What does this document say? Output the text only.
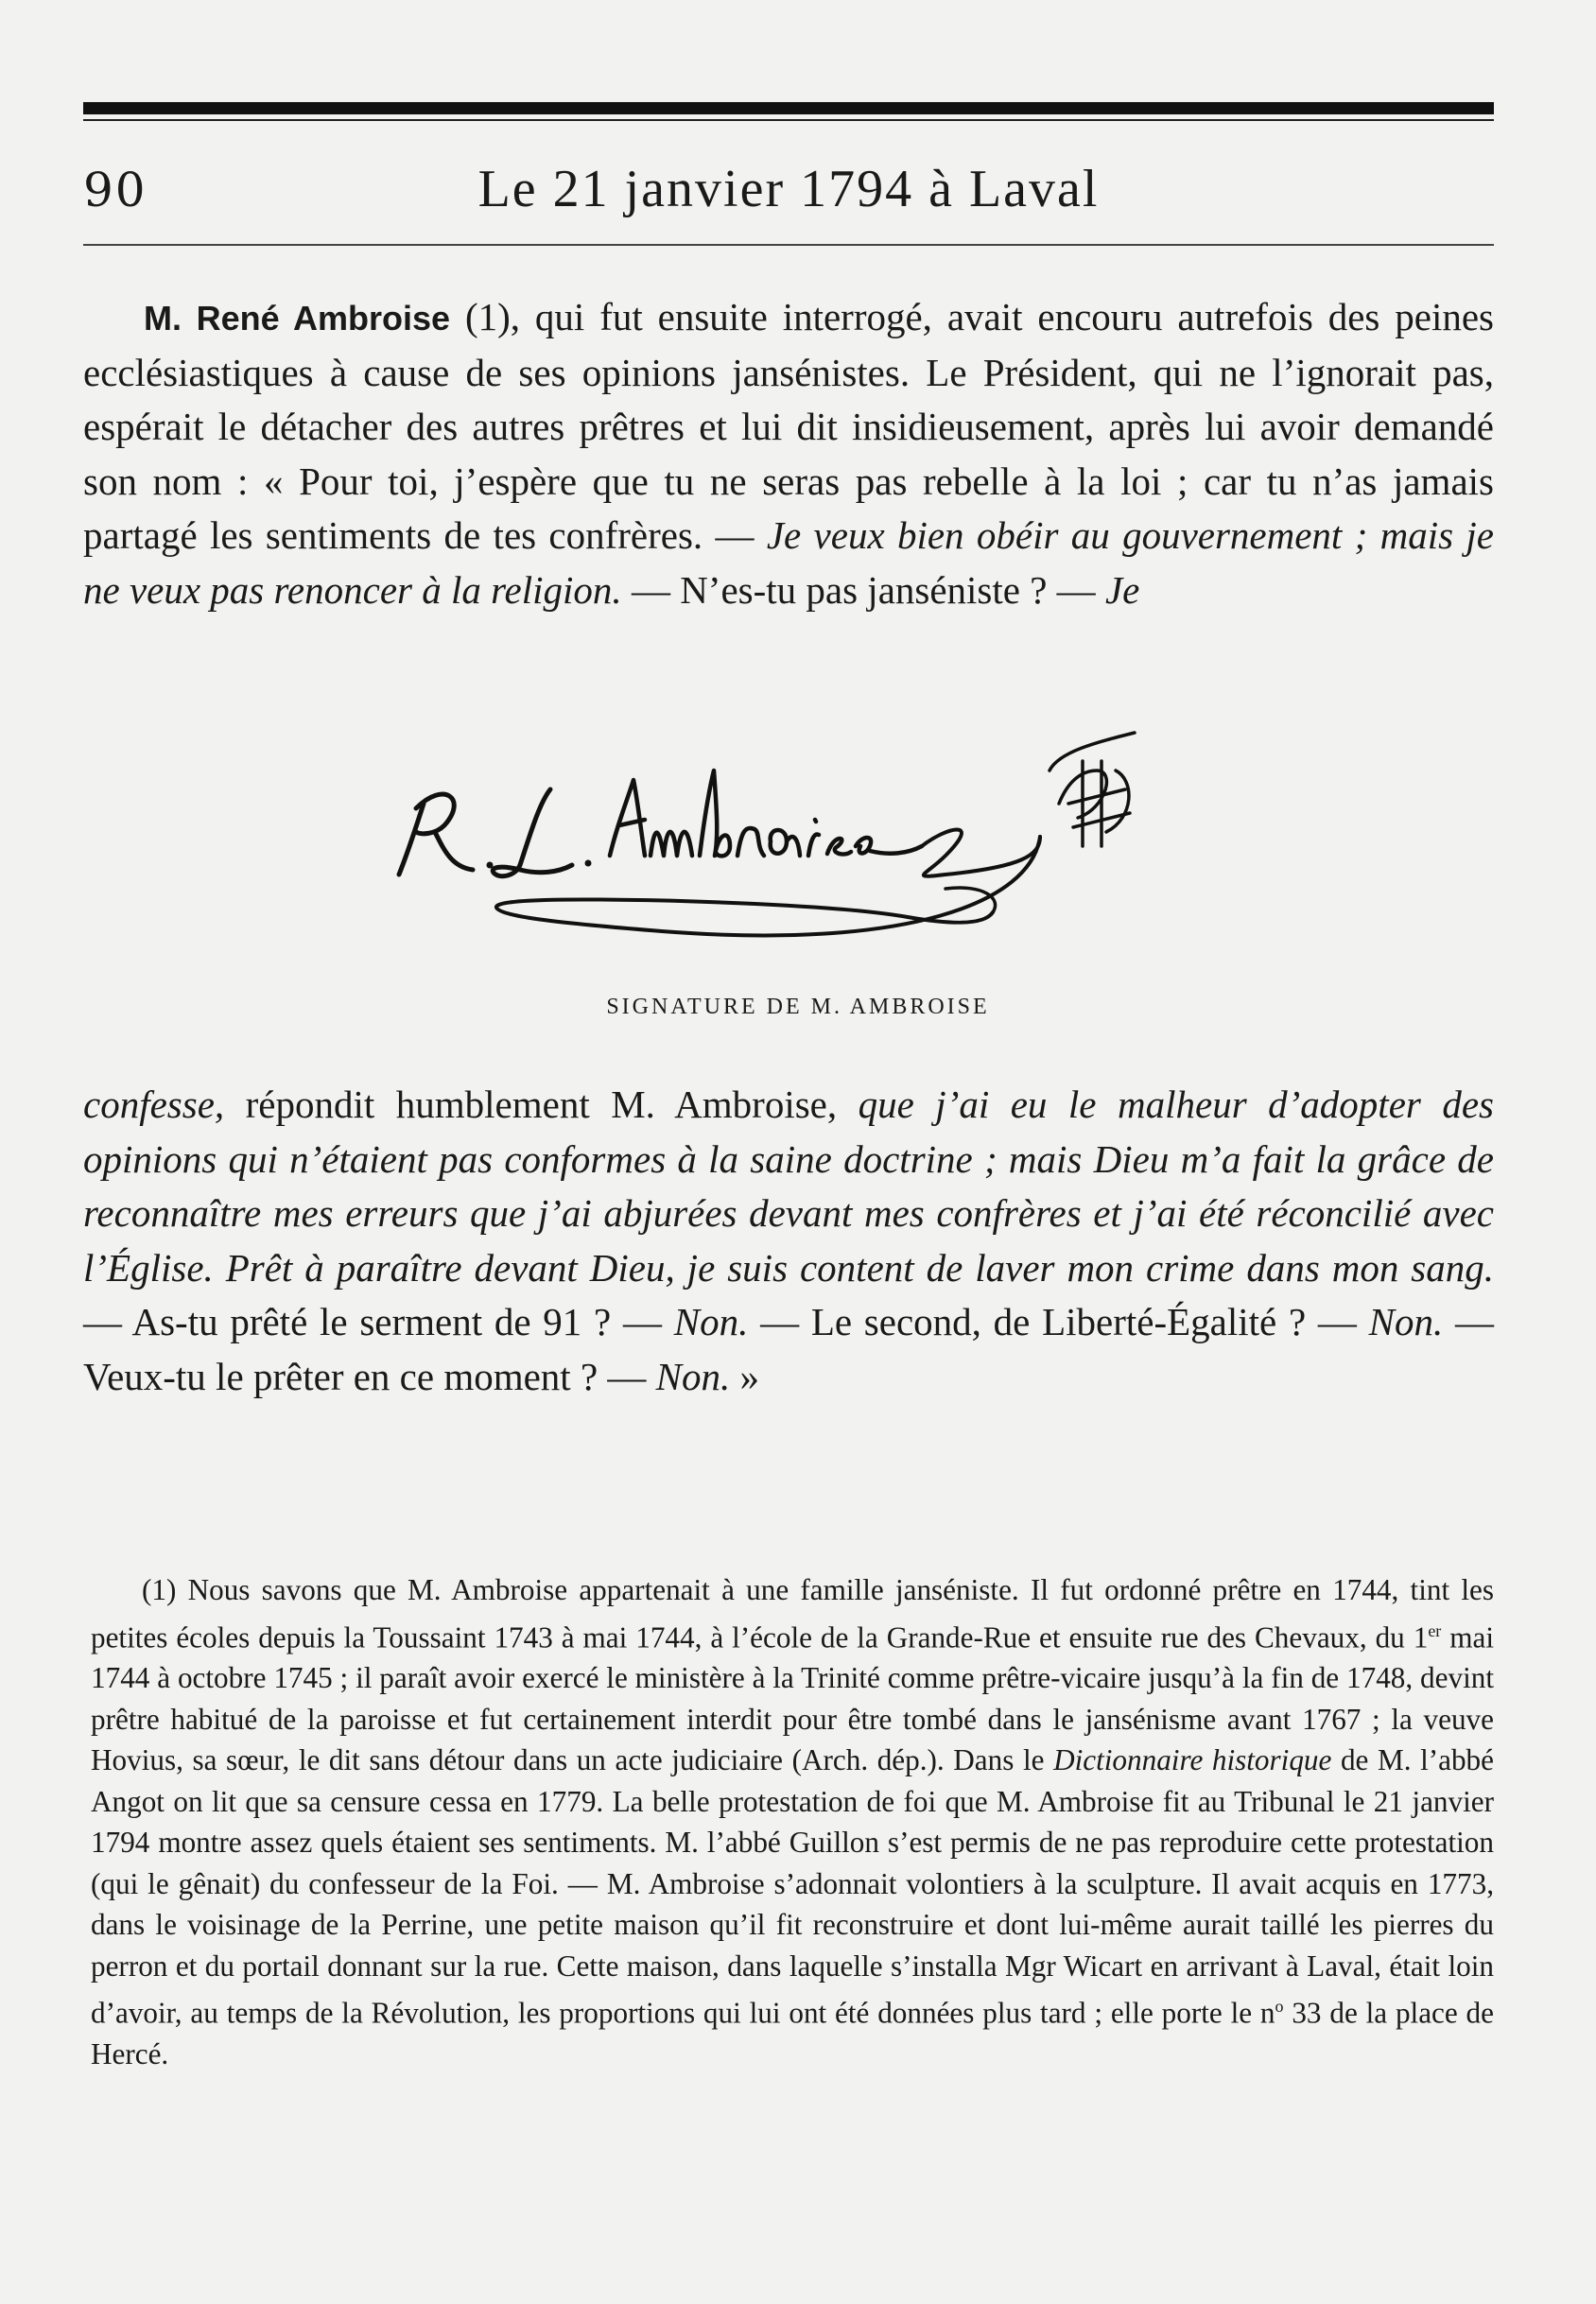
90	Le 21 janvier 1794 à Laval

M. René Ambroise (1), qui fut ensuite interrogé, avait encouru autrefois des peines ecclésiastiques à cause de ses opinions jansénistes. Le Président, qui ne l’ignorait pas, espérait le détacher des autres prêtres et lui dit insidieusement, après lui avoir demandé son nom : « Pour toi, j’espère que tu ne seras pas rebelle à la loi ; car tu n’as jamais partagé les sentiments de tes confrères. — Je veux bien obéir au gouvernement ; mais je ne veux pas renoncer à la religion. — N’es-tu pas janséniste ? — Je

SIGNATURE DE M. AMBROISE

confesse, répondit humblement M. Ambroise, que j’ai eu le malheur d’adopter des opinions qui n’étaient pas conformes à la saine doctrine ; mais Dieu m’a fait la grâce de reconnaître mes erreurs que j’ai abjurées devant mes confrères et j’ai été réconcilié avec l’Église. Prêt à paraître devant Dieu, je suis content de laver mon crime dans mon sang. — As-tu prêté le serment de 91 ? — Non. — Le second, de Liberté-Égalité ? — Non. — Veux-tu le prêter en ce moment ? — Non. »

(1) Nous savons que M. Ambroise appartenait à une famille janséniste. Il fut ordonné prêtre en 1744, tint les petites écoles depuis la Toussaint 1743 à mai 1744, à l’école de la Grande-Rue et ensuite rue des Chevaux, du 1er mai 1744 à octobre 1745 ; il paraît avoir exercé le ministère à la Trinité comme prêtre-vicaire jusqu’à la fin de 1748, devint prêtre habitué de la paroisse et fut certainement interdit pour être tombé dans le jansénisme avant 1767 ; la veuve Hovius, sa sœur, le dit sans détour dans un acte judiciaire (Arch. dép.). Dans le Dictionnaire historique de M. l’abbé Angot on lit que sa censure cessa en 1779. La belle protestation de foi que M. Ambroise fit au Tribunal le 21 janvier 1794 montre assez quels étaient ses sentiments. M. l’abbé Guillon s’est permis de ne pas reproduire cette protestation (qui le gênait) du confesseur de la Foi. — M. Ambroise s’adonnait volontiers à la sculpture. Il avait acquis en 1773, dans le voisinage de la Perrine, une petite maison qu’il fit reconstruire et dont lui-même aurait taillé les pierres du perron et du portail donnant sur la rue. Cette maison, dans laquelle s’installa Mgr Wicart en arrivant à Laval, était loin d’avoir, au temps de la Révolution, les proportions qui lui ont été données plus tard ; elle porte le $n^o$ 33 de la place de Hercé.
